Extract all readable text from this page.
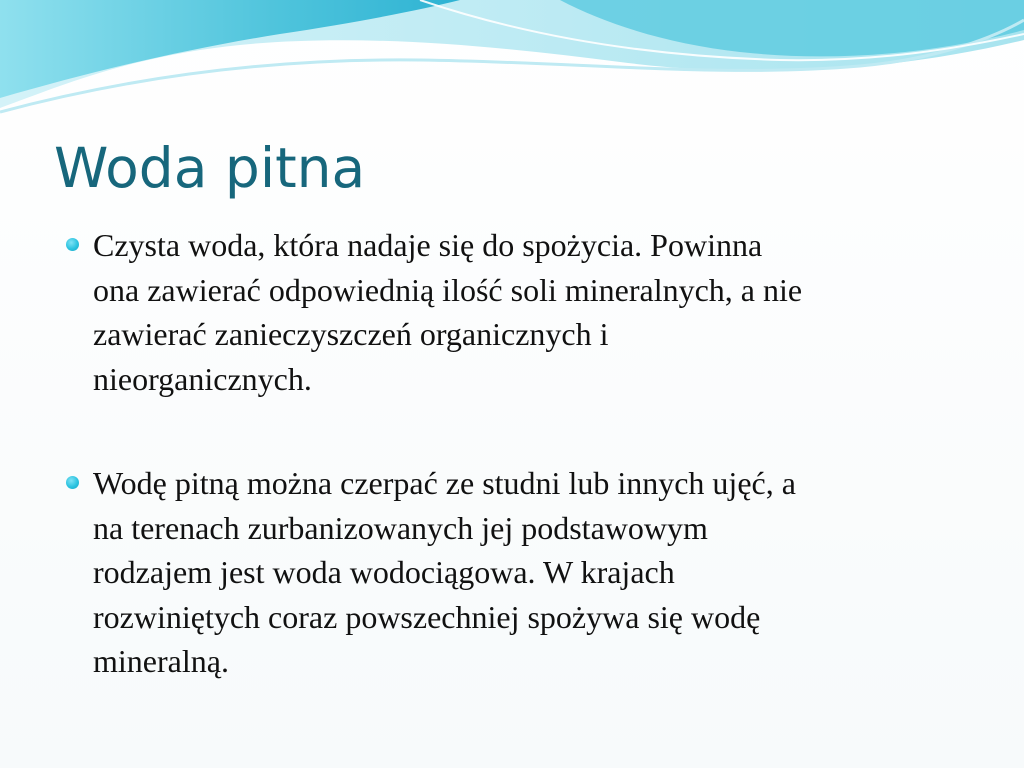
Woda pitna
Czysta woda, która nadaje się do spożycia. Powinna
ona zawierać odpowiednią ilość soli mineralnych, a nie
zawierać zanieczyszczeń organicznych i
nieorganicznych.
Wodę pitną można czerpać ze studni lub innych ujęć, a
na terenach zurbanizowanych jej podstawowym
rodzajem jest woda wodociągowa. W krajach
rozwiniętych coraz powszechniej spożywa się wodę
mineralną.
